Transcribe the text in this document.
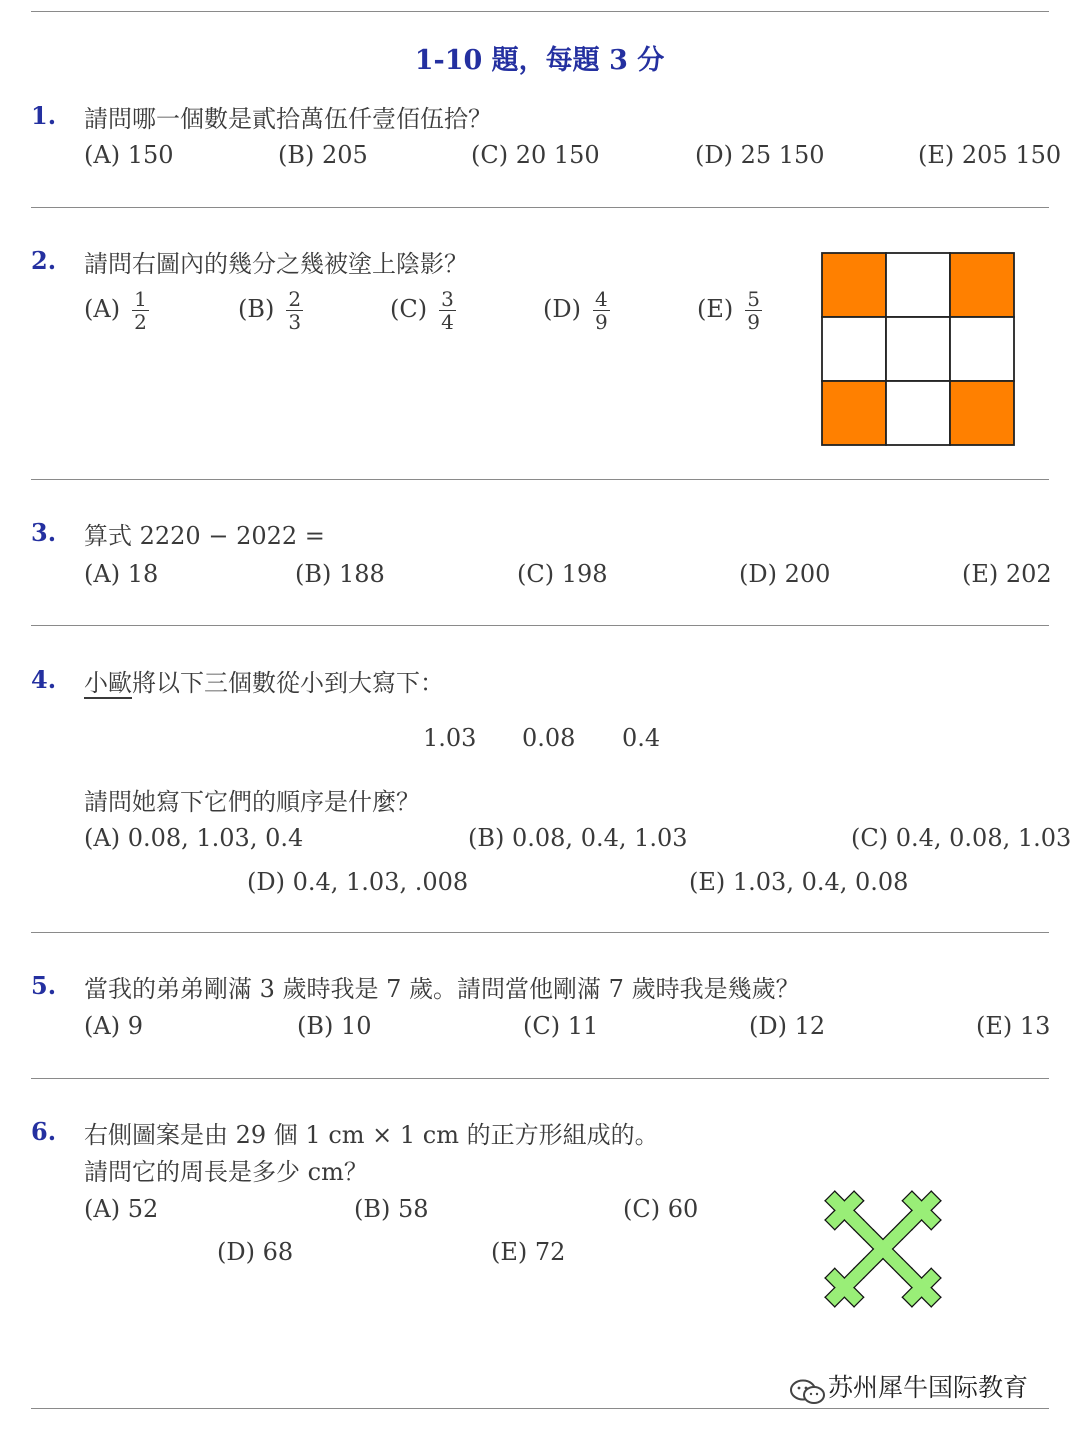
1-10 題，每題 3 分
1. 請問哪一個數是貳拾萬伍仟壹佰伍拾？
(A) 150	(B) 205	(C) 20 150	(D) 25 150	(E) 205 150
2. 請問右圖內的幾分之幾被塗上陰影？
$(A) \frac{1}{2}$	$(B) \frac{2}{3}$	$(C) \frac{3}{4}$	$(D) \frac{4}{9}$	$(E) \frac{5}{9}$
3. 算式 2220 − 2022 =
(A) 18	(B) 188	(C) 198	(D) 200	(E) 202
4. 小歐將以下三個數從小到大寫下：
1.03 0.08 0.4
請問她寫下它們的順序是什麼？
(A) 0.08, 1.03, 0.4	(B) 0.08, 0.4, 1.03	(C) 0.4, 0.08, 1.03
(D) 0.4, 1.03, .008	(E) 1.03, 0.4, 0.08
5. 當我的弟弟剛滿 3 歲時我是 7 歲。請問當他剛滿 7 歲時我是幾歲？
(A) 9	(B) 10	(C) 11	(D) 12	(E) 13
6. 右側圖案是由 29 個 1 cm × 1 cm 的正方形組成的。
請問它的周長是多少 cm？
(A) 52	(B) 58	(C) 60
(D) 68	(E) 72
苏州犀牛国际教育
